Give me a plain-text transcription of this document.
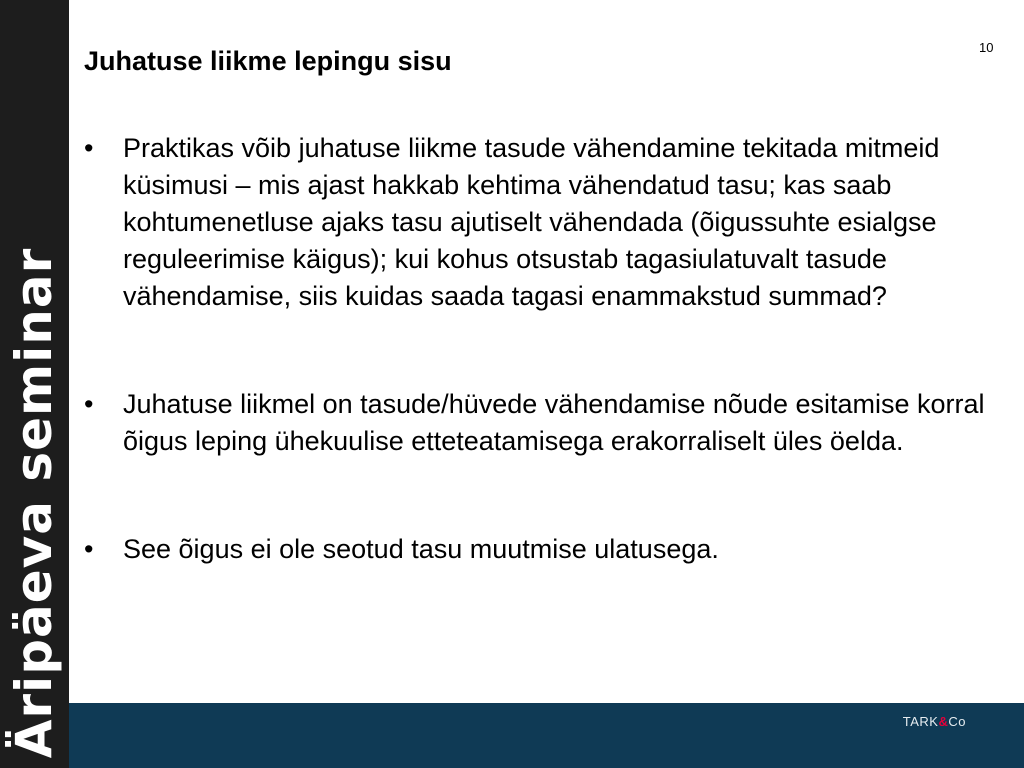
Äripäeva seminar
Juhatuse liikme lepingu sisu	10
• Praktikas võib juhatuse liikme tasude vähendamine tekitada mitmeid küsimusi – mis ajast hakkab kehtima vähendatud tasu; kas saab kohtumenetluse ajaks tasu ajutiselt vähendada (õigussuhte esialgse reguleerimise käigus); kui kohus otsustab tagasiulatuvalt tasude vähendamise, siis kuidas saada tagasi enammakstud summad?
• Juhatuse liikmel on tasude/hüvede vähendamise nõude esitamise korral õigus leping ühekuulise etteteatamisega erakorraliselt üles öelda.
• See õigus ei ole seotud tasu muutmise ulatusega.
TARK&Co
